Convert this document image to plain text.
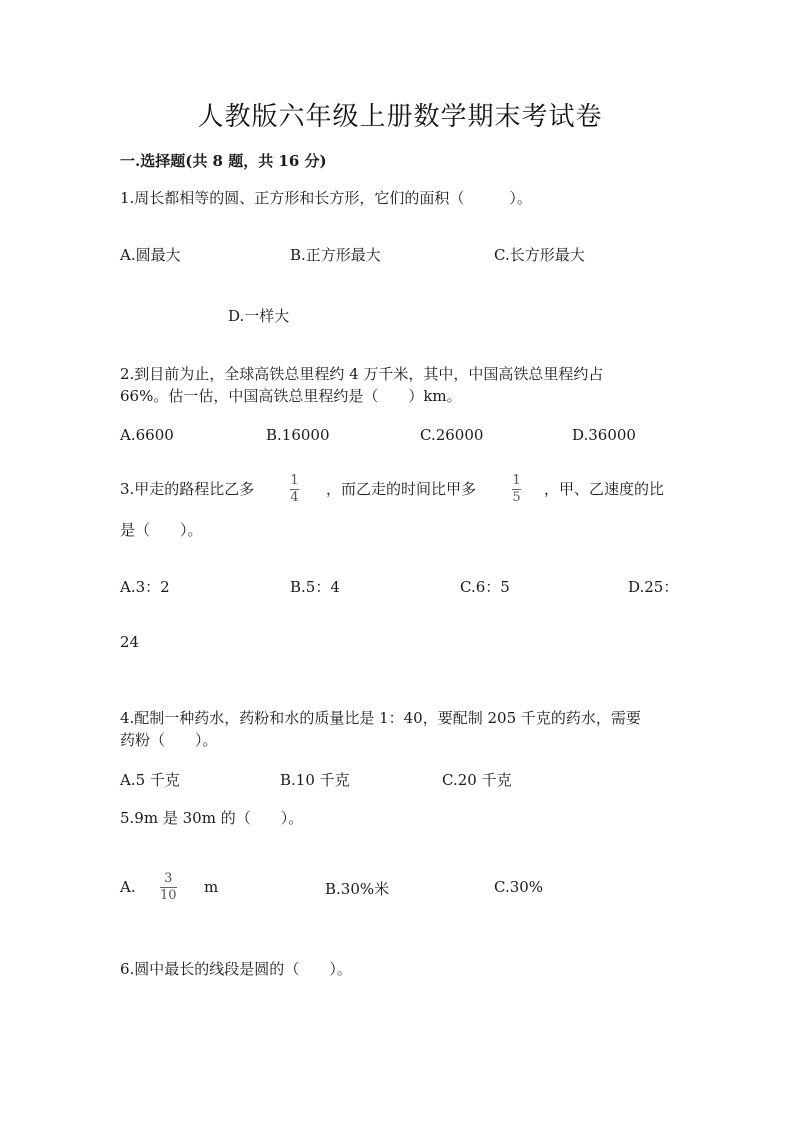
人教版六年级上册数学期末考试卷
一.选择题(共 8 题，共 16 分)
1.周长都相等的圆、正方形和长方形，它们的面积（　　　）。
A.圆最大	B.正方形最大	C.长方形最大
D.一样大
2.到目前为止，全球高铁总里程约 4 万千米，其中，中国高铁总里程约占
66%。估一估，中国高铁总里程约是（　　）km。
A.6600	B.16000	C.26000	D.36000
3.甲走的路程比乙多	1
4 ，而乙走的时间比甲多	1
5 ，甲、乙速度的比
是（　　）。
A.3：2	B.5：4	C.6：5	D.25：
24
4.配制一种药水，药粉和水的质量比是 1：40，要配制 205 千克的药水，需要
药粉（　　）。
A.5 千克	B.10 千克	C.20 千克
5.9m 是 30m 的（　　）。
A. 3
10 m	B.30%米	C.30%
6.圆中最长的线段是圆的（　　）。
